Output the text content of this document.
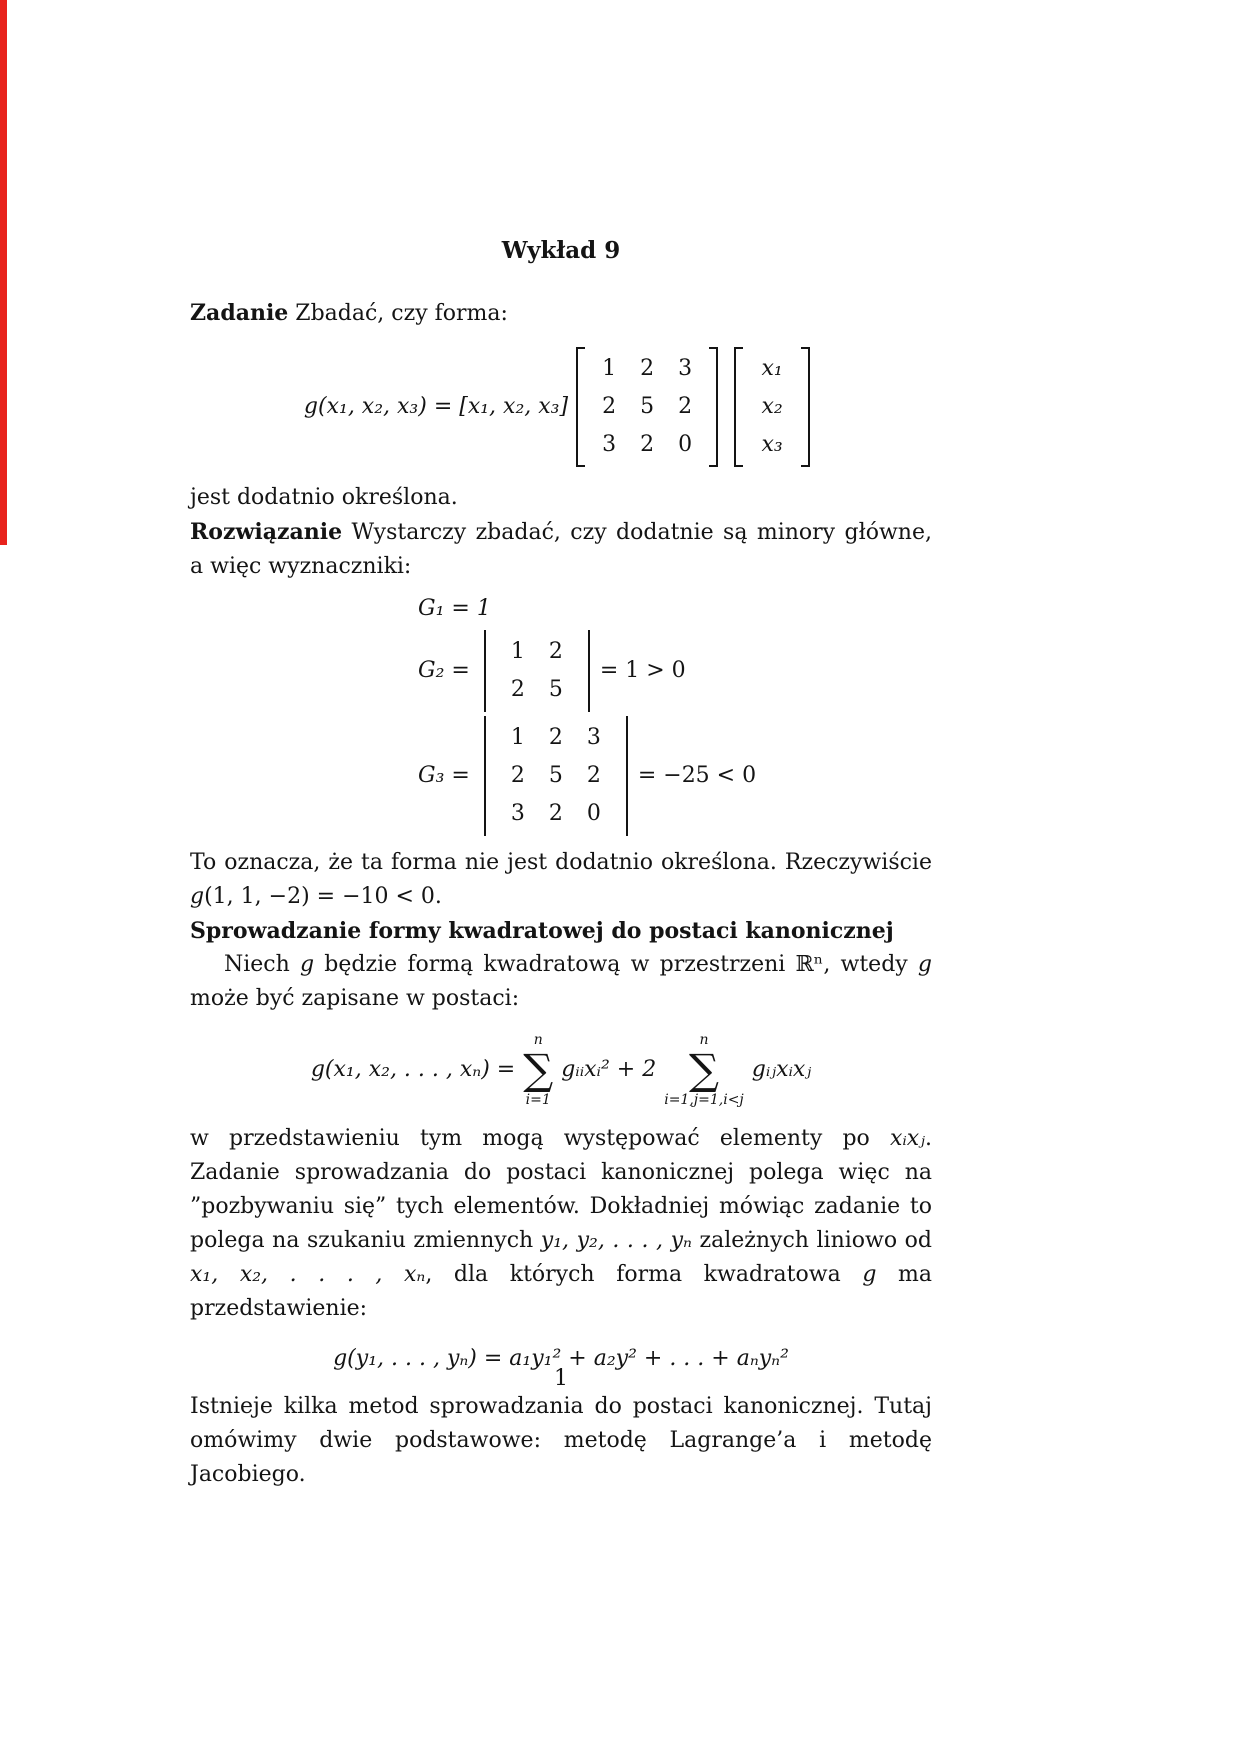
Wykład 9

Zadanie Zbadać, czy forma:

g(x₁, x₂, x₃) = [x₁, x₂, x₃]
1	2	3
2	5	2
3	2	0
x₁
x₂
x₃

jest dodatnio określona.

Rozwiązanie Wystarczy zbadać, czy dodatnie są minory główne, a więc wyznaczniki:

G₁ = 1
G₂ =
1	2
2	5
= 1 > 0
G₃ =
1	2	3
2	5	2
3	2	0
= −25 < 0

To oznacza, że ta forma nie jest dodatnio określona. Rzeczywiście g(1, 1, −2) = −10 < 0.

Sprowadzanie formy kwadratowej do postaci kanonicznej

Niech g będzie formą kwadratową w przestrzeni ℝⁿ, wtedy g może być zapisane w postaci:

g(x₁, x₂, . . . , xₙ) =
n
∑
i=1
gᵢᵢxᵢ² + 2
n
∑
i=1,j=1,i<j
gᵢⱼxᵢxⱼ

w przedstawieniu tym mogą występować elementy po xᵢxⱼ. Zadanie sprowadzania do postaci kanonicznej polega więc na ”pozbywaniu się” tych elementów. Dokładniej mówiąc zadanie to polega na szukaniu zmiennych y₁, y₂, . . . , yₙ zależnych liniowo od x₁, x₂, . . . , xₙ, dla których forma kwadratowa g ma przedstawienie:

g(y₁, . . . , yₙ) = a₁y₁² + a₂y² + . . . + aₙyₙ²

Istnieje kilka metod sprowadzania do postaci kanonicznej. Tutaj omówimy dwie podstawowe: metodę Lagrange’a i metodę Jacobiego.

1
